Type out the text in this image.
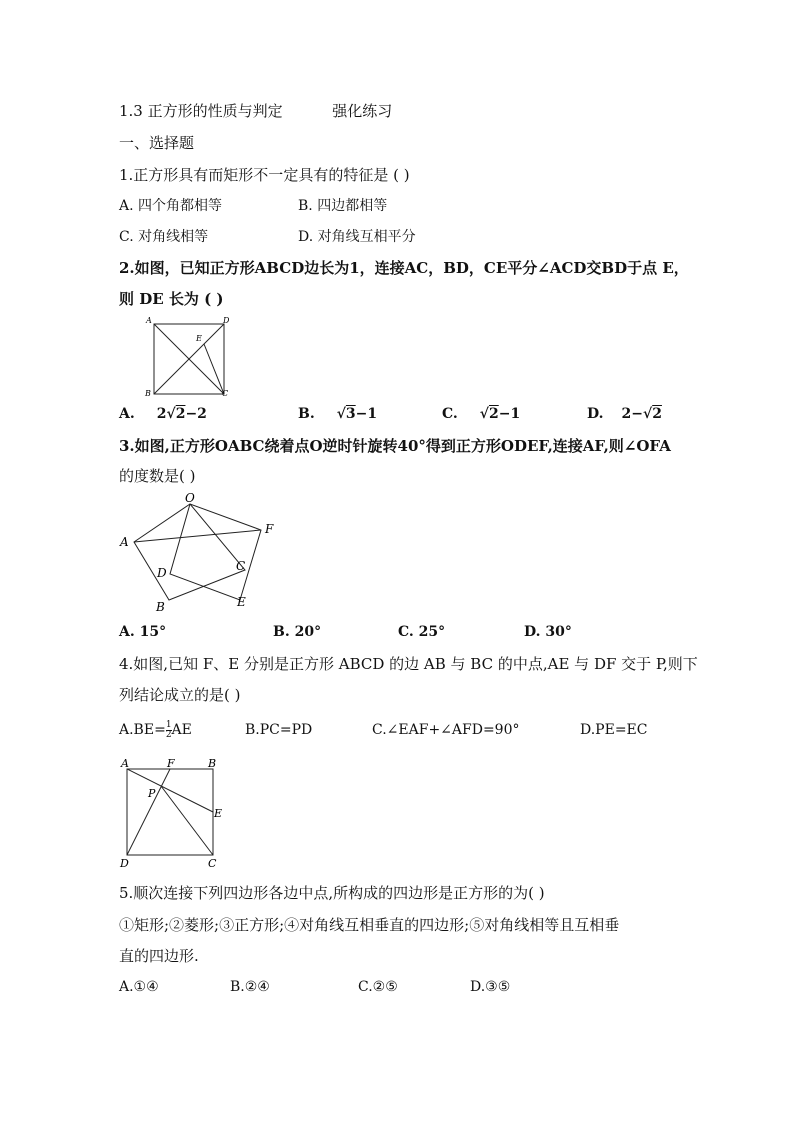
1.3 正方形的性质与判定	强化练习
一、选择题
1.正方形具有而矩形不一定具有的特征是 ( )
A. 四个角都相等	B. 四边都相等
C. 对角线相等	D. 对角线互相平分
2.如图，已知正方形ABCD边长为1，连接AC，BD，CE平分∠ACD交BD于点 E，
则 DE 长为 ( )
A	D
E
B	C
A. 2√2−2	B. √3−1	C. √2−1	D. 2−√2
3.如图,正方形OABC绕着点O逆时针旋转40°得到正方形ODEF,连接AF,则∠OFA
的度数是( )
O
A
F
D	C
B	E
A. 15°	B. 20°	C. 25°	D. 30°
4.如图,已知 F、E 分别是正方形 ABCD 的边 AB 与 BC 的中点,AE 与 DF 交于 P,则下
列结论成立的是( )
$A.BE= \frac{1}{2}$ AE	B.PC=PD	C.∠EAF+∠AFD=90°	D.PE=EC
A	F	B
P
E
D	C
5.顺次连接下列四边形各边中点,所构成的四边形是正方形的为( )
①矩形;②菱形;③正方形;④对角线互相垂直的四边形;⑤对角线相等且互相垂
直的四边形.
A.①④	B.②④	C.②⑤	D.③⑤
